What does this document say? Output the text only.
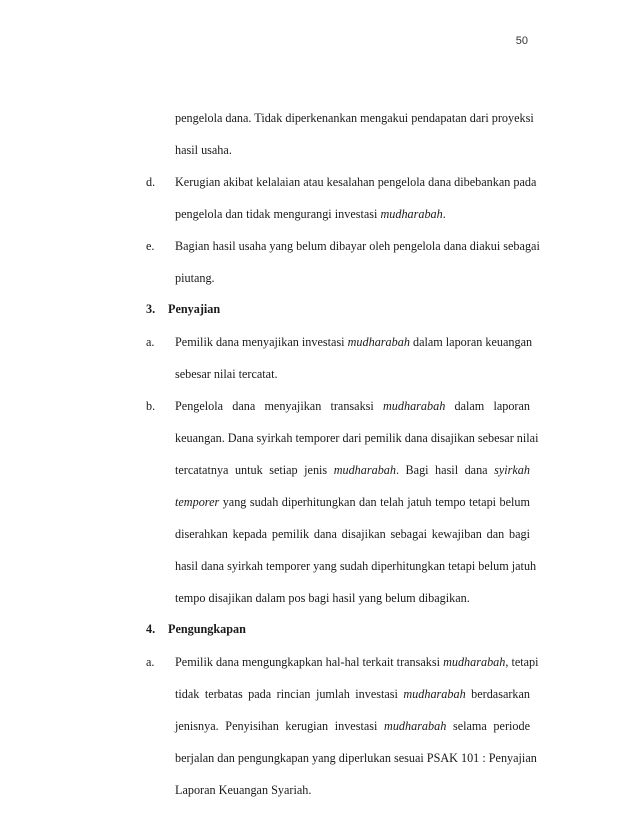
50
pengelola dana. Tidak diperkenankan mengakui pendapatan dari proyeksi
hasil usaha.
d. Kerugian akibat kelalaian atau kesalahan pengelola dana dibebankan pada
pengelola dan tidak mengurangi investasi mudharabah.
e. Bagian hasil usaha yang belum dibayar oleh pengelola dana diakui sebagai
piutang.
3. Penyajian
a. Pemilik dana menyajikan investasi mudharabah dalam laporan keuangan
sebesar nilai tercatat.
b. Pengelola dana menyajikan transaksi mudharabah dalam laporan
keuangan. Dana syirkah temporer dari pemilik dana disajikan sebesar nilai
tercatatnya untuk setiap jenis mudharabah. Bagi hasil dana syirkah
temporer yang sudah diperhitungkan dan telah jatuh tempo tetapi belum
diserahkan kepada pemilik dana disajikan sebagai kewajiban dan bagi
hasil dana syirkah temporer yang sudah diperhitungkan tetapi belum jatuh
tempo disajikan dalam pos bagi hasil yang belum dibagikan.
4. Pengungkapan
a. Pemilik dana mengungkapkan hal-hal terkait transaksi mudharabah, tetapi
tidak terbatas pada rincian jumlah investasi mudharabah berdasarkan
jenisnya. Penyisihan kerugian investasi mudharabah selama periode
berjalan dan pengungkapan yang diperlukan sesuai PSAK 101 : Penyajian
Laporan Keuangan Syariah.
